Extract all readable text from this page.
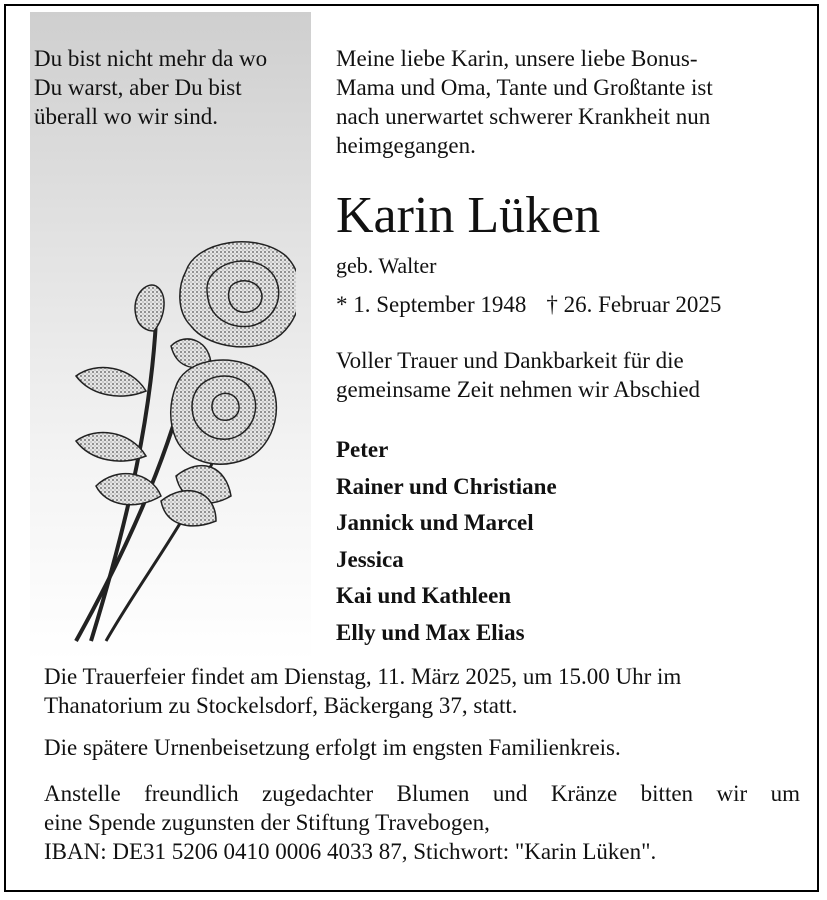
Du bist nicht mehr da wo
Du warst, aber Du bist
überall wo wir sind.

Meine liebe Karin, unsere liebe Bonus-
Mama und Oma, Tante und Großtante ist
nach unerwartet schwerer Krankheit nun
heimgegangen.

Karin Lüken
geb. Walter
* 1. September 1948 † 26. Februar 2025

Voller Trauer und Dankbarkeit für die
gemeinsame Zeit nehmen wir Abschied

Peter
Rainer und Christiane
Jannick und Marcel
Jessica
Kai und Kathleen
Elly und Max Elias

Die Trauerfeier findet am Dienstag, 11. März 2025, um 15.00 Uhr im
Thanatorium zu Stockelsdorf, Bäckergang 37, statt.

Die spätere Urnenbeisetzung erfolgt im engsten Familienkreis.

Anstelle freundlich zugedachter Blumen und Kränze bitten wir um
eine Spende zugunsten der Stiftung Travebogen,
IBAN: DE31 5206 0410 0006 4033 87, Stichwort: "Karin Lüken".
